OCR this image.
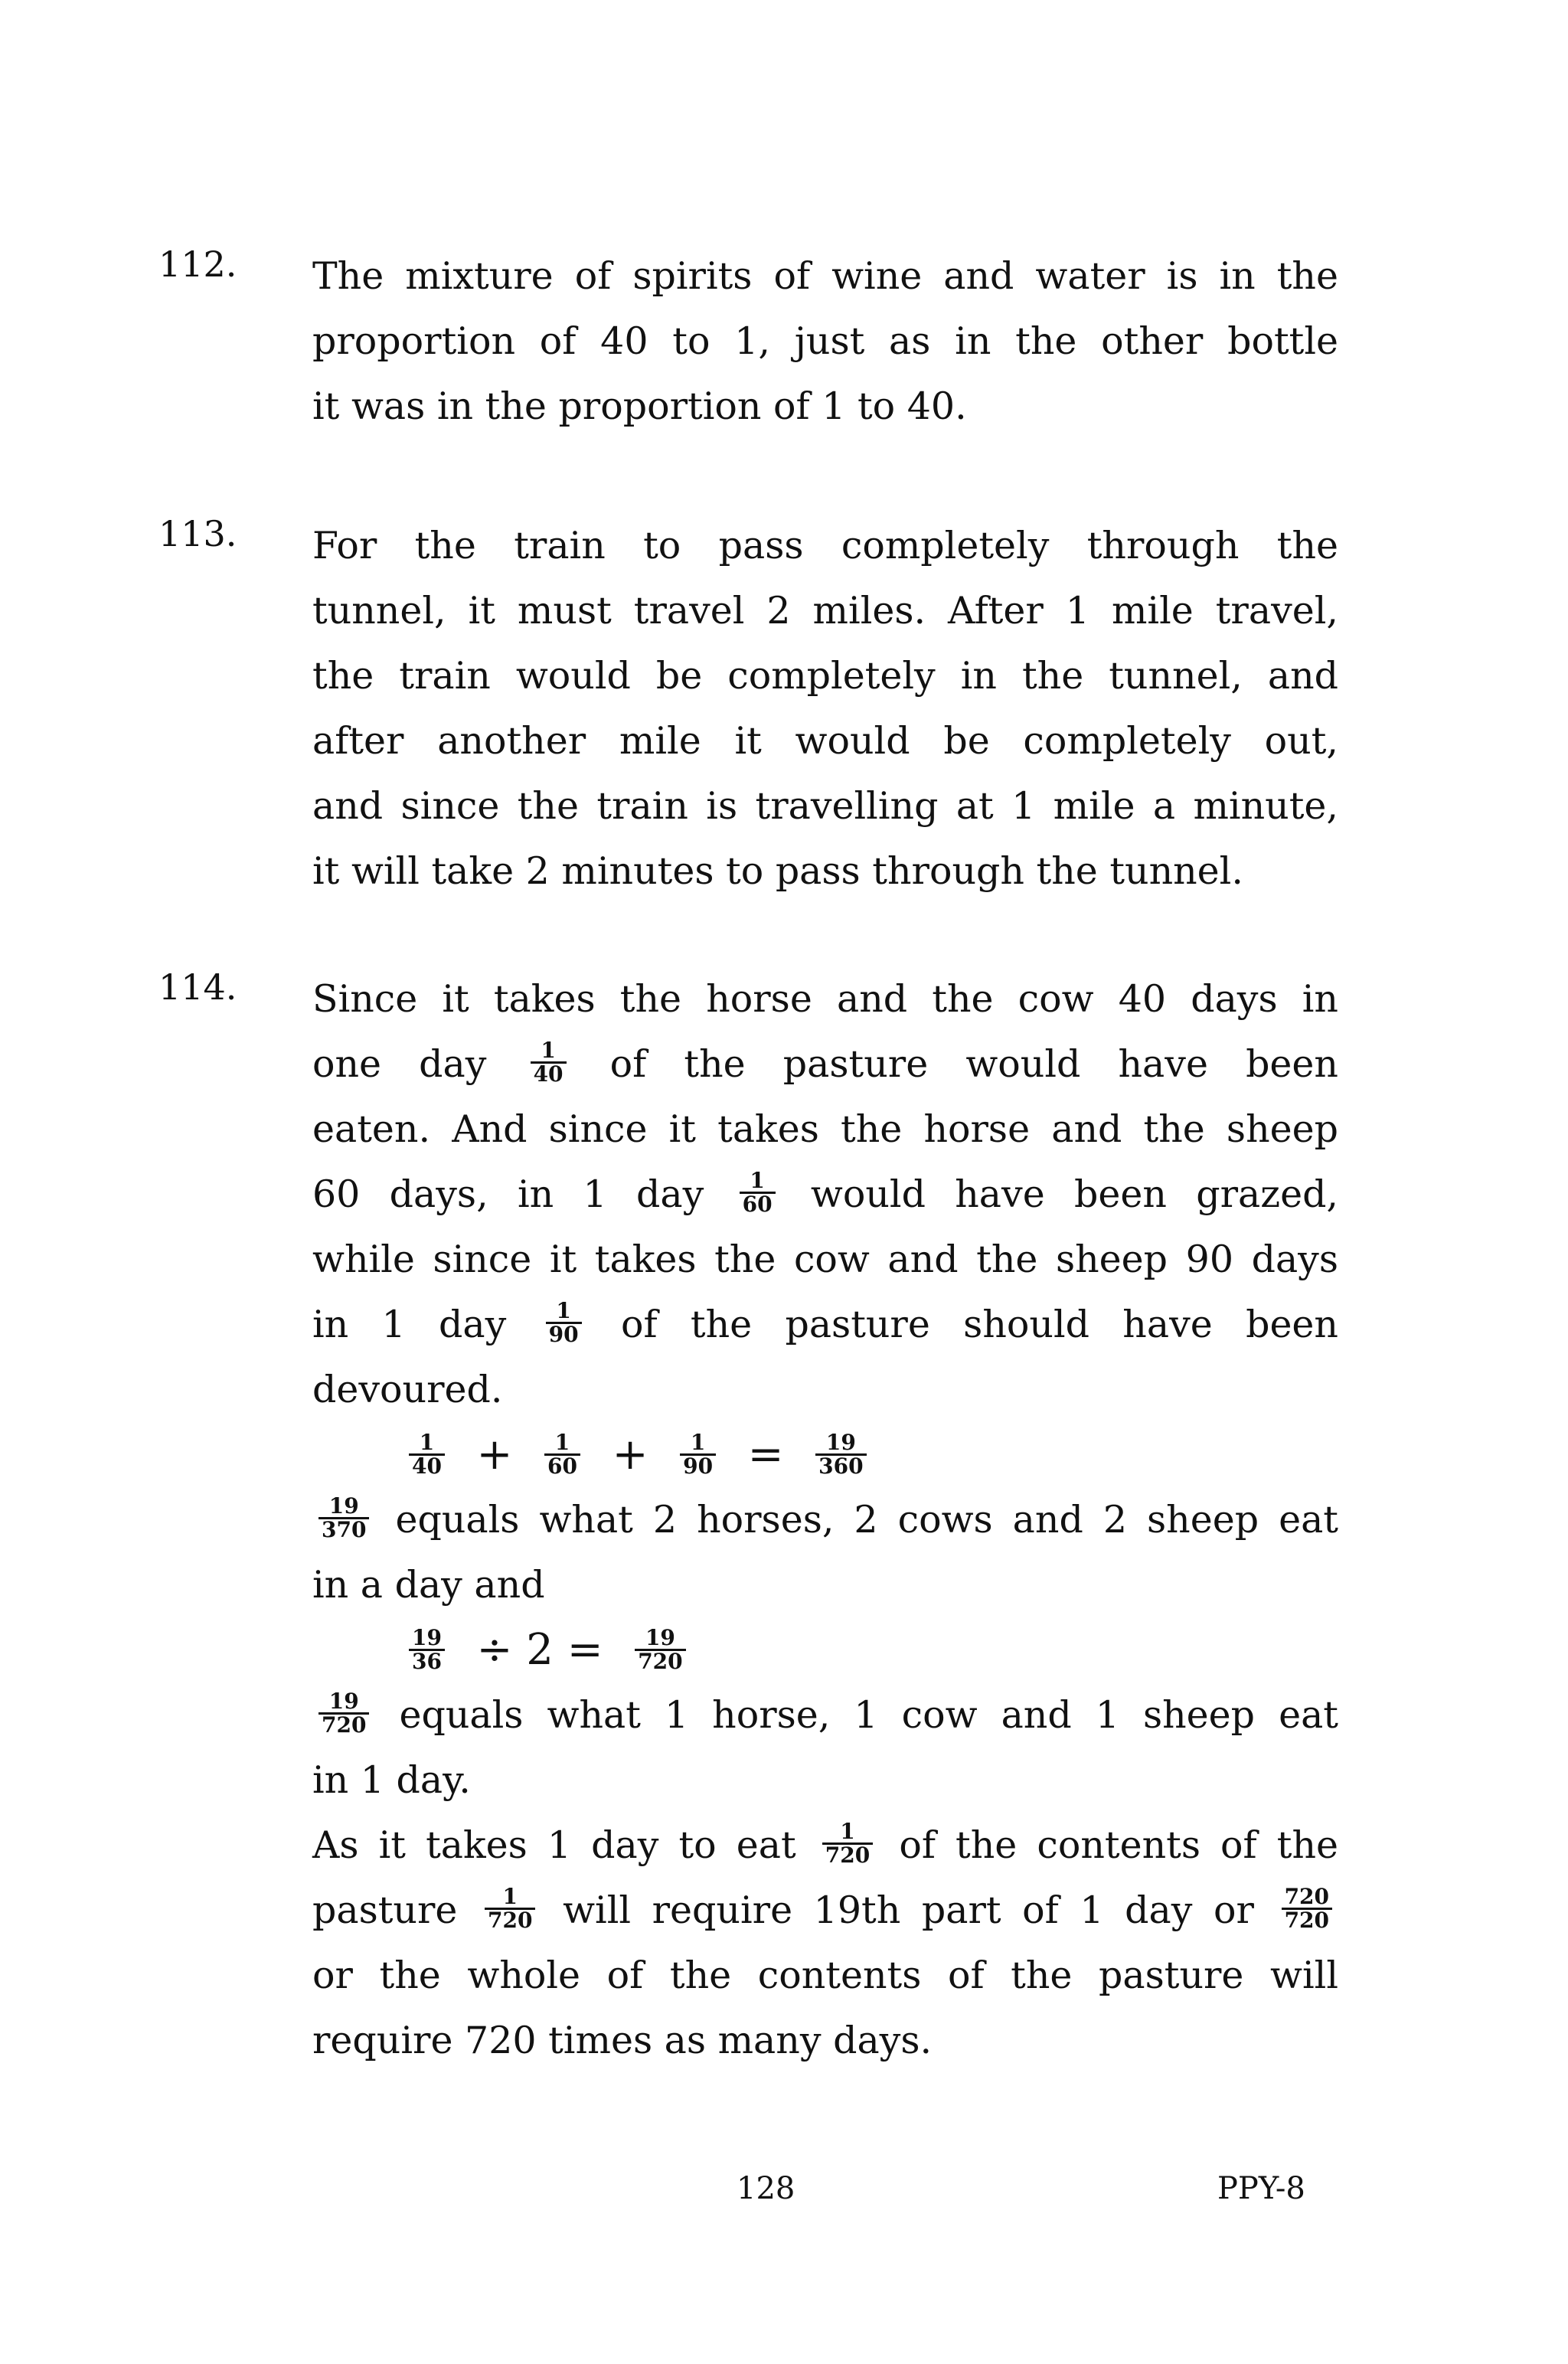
112. The mixture of spirits of wine and water is in the
proportion of 40 to 1, just as in the other bottle
it was in the proportion of 1 to 40.
113. For the train to pass completely through the
tunnel, it must travel 2 miles. After 1 mile travel,
the train would be completely in the tunnel, and
after another mile it would be completely out,
and since the train is travelling at 1 mile a minute,
it will take 2 minutes to pass through the tunnel.
114. Since it takes the horse and the cow 40 days in
one day $\frac{1}{40}$ of the pasture would have been
eaten. And since it takes the horse and the sheep
60 days, in 1 day $\frac{1}{60}$ would have been grazed,
while since it takes the cow and the sheep 90 days
in 1 day $\frac{1}{90}$ of the pasture should have been
devoured.
$\frac{1}{40} + \frac{1}{60} + \frac{1}{90} = \frac{19}{360}$
$\frac{19}{370}$ equals what 2 horses, 2 cows and 2 sheep eat
in a day and
$\frac{19}{36} \div 2 = \frac{19}{720}$
$\frac{19}{720}$ equals what 1 horse, 1 cow and 1 sheep eat
in 1 day.
As it takes 1 day to eat $\frac{1}{720}$ of the contents of the
pasture $\frac{1}{720}$ will require 19th part of 1 day or $\frac{720}{720}$
or the whole of the contents of the pasture will
require 720 times as many days.
128	PPY-8
